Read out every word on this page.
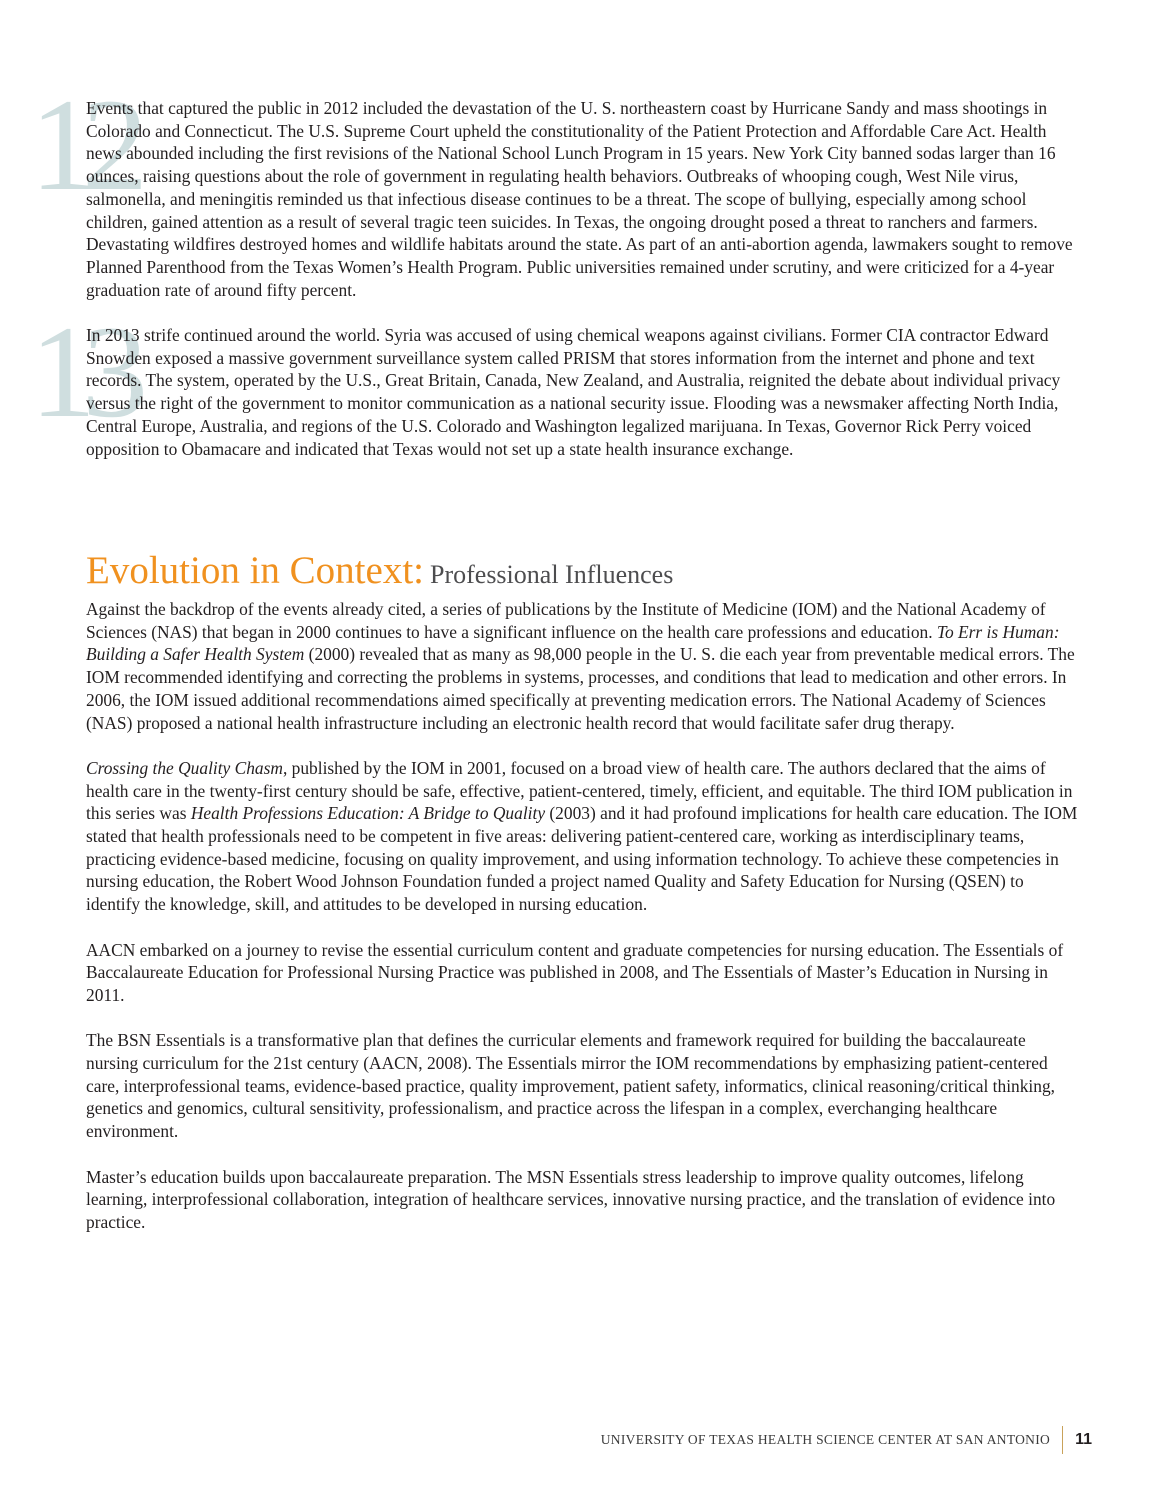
12

Events that captured the public in 2012 included the devastation of the U. S. northeastern coast by Hurricane Sandy and mass shootings in Colorado and Connecticut. The U.S. Supreme Court upheld the constitutionality of the Patient Protection and Affordable Care Act. Health news abounded including the first revisions of the National School Lunch Program in 15 years. New York City banned sodas larger than 16 ounces, raising questions about the role of government in regulating health behaviors. Outbreaks of whooping cough, West Nile virus, salmonella, and meningitis reminded us that infectious disease continues to be a threat. The scope of bullying, especially among school children, gained attention as a result of several tragic teen suicides. In Texas, the ongoing drought posed a threat to ranchers and farmers. Devastating wildfires destroyed homes and wildlife habitats around the state. As part of an anti-abortion agenda, lawmakers sought to remove Planned Parenthood from the Texas Women’s Health Program. Public universities remained under scrutiny, and were criticized for a 4-year graduation rate of around fifty percent.

13

In 2013 strife continued around the world. Syria was accused of using chemical weapons against civilians. Former CIA contractor Edward Snowden exposed a massive government surveillance system called PRISM that stores information from the internet and phone and text records. The system, operated by the U.S., Great Britain, Canada, New Zealand, and Australia, reignited the debate about individual privacy versus the right of the government to monitor communication as a national security issue. Flooding was a newsmaker affecting North India, Central Europe, Australia, and regions of the U.S. Colorado and Washington legalized marijuana. In Texas, Governor Rick Perry voiced opposition to Obamacare and indicated that Texas would not set up a state health insurance exchange.

Evolution in Context: Professional Influences

Against the backdrop of the events already cited, a series of publications by the Institute of Medicine (IOM) and the National Academy of Sciences (NAS) that began in 2000 continues to have a significant influence on the health care professions and education. To Err is Human: Building a Safer Health System (2000) revealed that as many as 98,000 people in the U. S. die each year from preventable medical errors. The IOM recommended identifying and correcting the problems in systems, processes, and conditions that lead to medication and other errors. In 2006, the IOM issued additional recommendations aimed specifically at preventing medication errors. The National Academy of Sciences (NAS) proposed a national health infrastructure including an electronic health record that would facilitate safer drug therapy.

Crossing the Quality Chasm, published by the IOM in 2001, focused on a broad view of health care. The authors declared that the aims of health care in the twenty-first century should be safe, effective, patient-centered, timely, efficient, and equitable. The third IOM publication in this series was Health Professions Education: A Bridge to Quality (2003) and it had profound implications for health care education. The IOM stated that health professionals need to be competent in five areas: delivering patient-centered care, working as interdisciplinary teams, practicing evidence-based medicine, focusing on quality improvement, and using information technology. To achieve these competencies in nursing education, the Robert Wood Johnson Foundation funded a project named Quality and Safety Education for Nursing (QSEN) to identify the knowledge, skill, and attitudes to be developed in nursing education.

AACN embarked on a journey to revise the essential curriculum content and graduate competencies for nursing education. The Essentials of Baccalaureate Education for Professional Nursing Practice was published in 2008, and The Essentials of Master’s Education in Nursing in 2011.

The BSN Essentials is a transformative plan that defines the curricular elements and framework required for building the baccalaureate nursing curriculum for the 21st century (AACN, 2008). The Essentials mirror the IOM recommendations by emphasizing patient-centered care, interprofessional teams, evidence-based practice, quality improvement, patient safety, informatics, clinical reasoning/critical thinking, genetics and genomics, cultural sensitivity, professionalism, and practice across the lifespan in a complex, everchanging healthcare environment.

Master’s education builds upon baccalaureate preparation. The MSN Essentials stress leadership to improve quality outcomes, lifelong learning, interprofessional collaboration, integration of healthcare services, innovative nursing practice, and the translation of evidence into practice.

UNIVERSITY OF TEXAS HEALTH SCIENCE CENTER AT SAN ANTONIO	11
